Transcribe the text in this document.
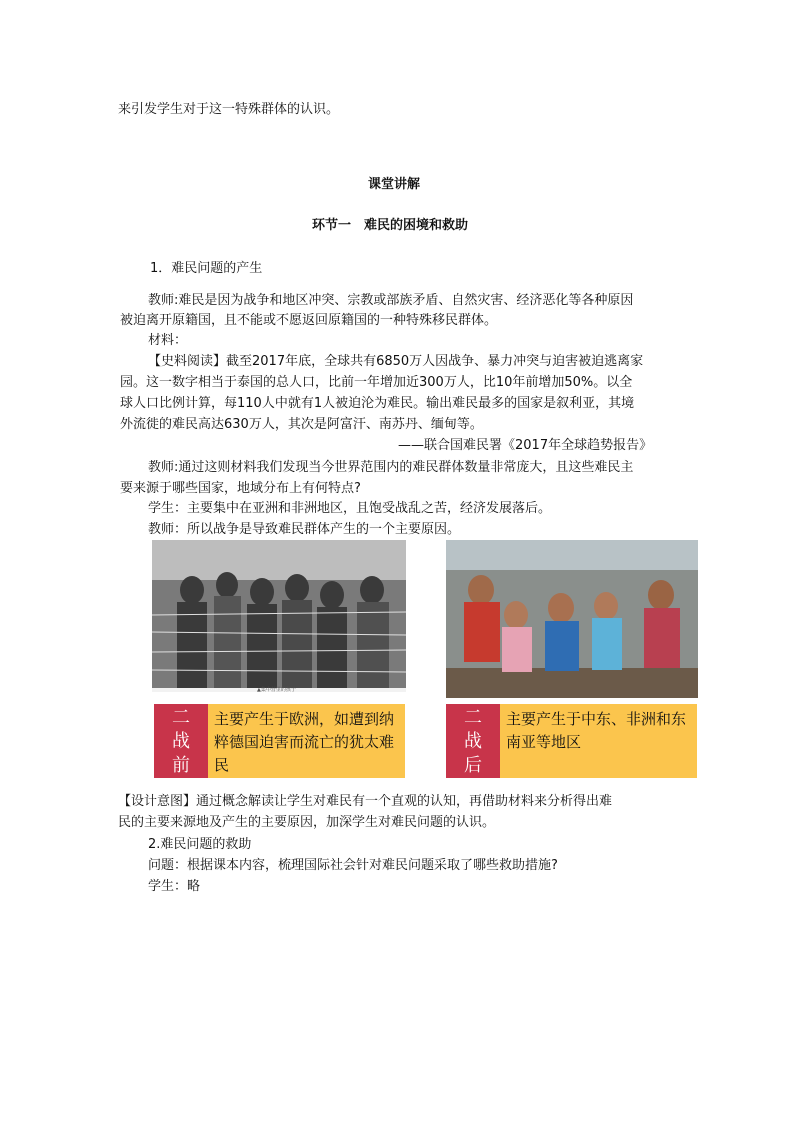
来引发学生对于这一特殊群体的认识。
课堂讲解
环节一　难民的困境和救助
1．难民问题的产生
教师:难民是因为战争和地区冲突、宗教或部族矛盾、自然灾害、经济恶化等各种原因
被迫离开原籍国，且不能或不愿返回原籍国的一种特殊移民群体。
材料：
【史料阅读】截至2017年底，全球共有6850万人因战争、暴力冲突与迫害被迫逃离家
园。这一数字相当于泰国的总人口，比前一年增加近300万人，比10年前增加50%。以全
球人口比例计算，每110人中就有1人被迫沦为难民。输出难民最多的国家是叙利亚，其境
外流徙的难民高达630万人，其次是阿富汗、南苏丹、缅甸等。
——联合国难民署《2017年全球趋势报告》
教师:通过这则材料我们发现当今世界范围内的难民群体数量非常庞大，且这些难民主
要来源于哪些国家，地域分布上有何特点?
学生：主要集中在亚洲和非洲地区，且饱受战乱之苦，经济发展落后。
教师：所以战争是导致难民群体产生的一个主要原因。
▲集中营里的孩子
二
战
前
主要产生于欧洲，如遭到纳
粹德国迫害而流亡的犹太难
民
二
战
后
主要产生于中东、非洲和东
南亚等地区
【设计意图】通过概念解读让学生对难民有一个直观的认知，再借助材料来分析得出难
民的主要来源地及产生的主要原因，加深学生对难民问题的认识。
2.难民问题的救助
问题：根据课本内容，梳理国际社会针对难民问题采取了哪些救助措施?
学生：略
